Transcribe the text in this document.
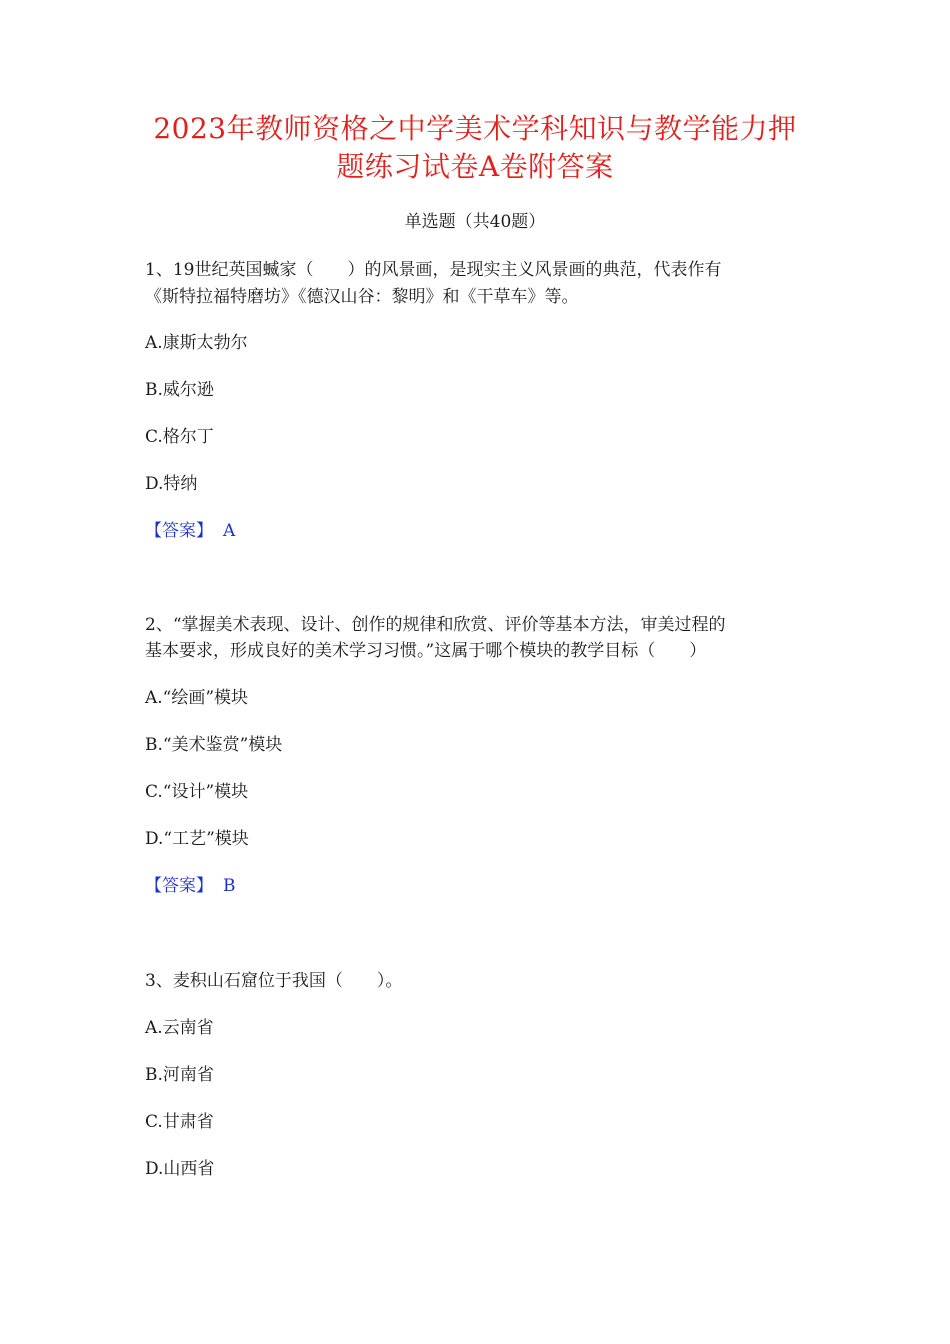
2023年教师资格之中学美术学科知识与教学能力押
题练习试卷A卷附答案
单选题（共40题）
1、19世纪英国蝛家（　　）的风景画，是现实主义风景画的典范，代表作有
《斯特拉福特磨坊》《德汉山谷：黎明》和《干草车》等。
A.康斯太勃尔
B.威尔逊
C.格尔丁
D.特纳
【答案】 A
2、“掌握美术表现、设计、创作的规律和欣赏、评价等基本方法，审美过程的
基本要求，形成良好的美术学习习惯。”这属于哪个模块的教学目标（　　）
A.“绘画”模块
B.“美术鉴赏”模块
C.“设计”模块
D.“工艺”模块
【答案】 B
3、麦积山石窟位于我国（　　）。
A.云南省
B.河南省
C.甘肃省
D.山西省
